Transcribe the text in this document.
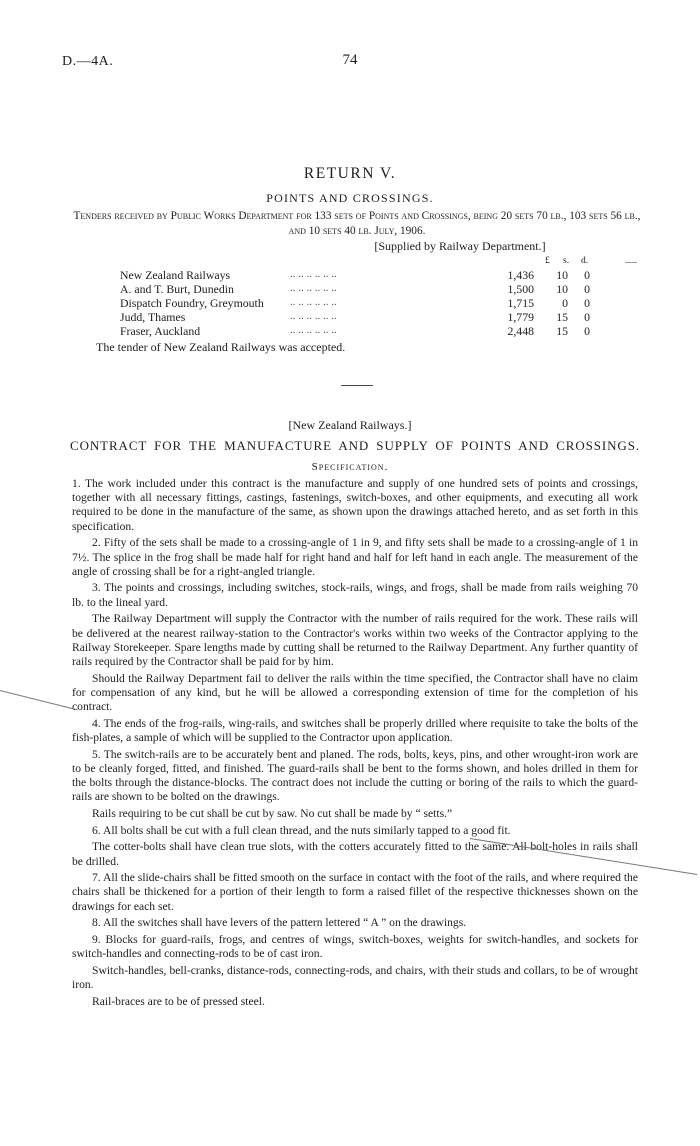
D.—4A.	74
RETURN V.
POINTS AND CROSSINGS.
Tenders received by Public Works Department for 133 sets of Points and Crossings, being 20 sets 70 lb., 103 sets 56 lb., and 10 sets 40 lb. July, 1906.
[Supplied by Railway Department.]
£ s. d.
New Zealand Railways	.. .. .. .. .. ..	1,436	10	0
A. and T. Burt, Dunedin	.. .. .. .. .. ..	1,500	10	0
Dispatch Foundry, Greymouth .. .. .. .. .. ..	1,715	0	0
Judd, Thames	.. .. .. .. .. ..	1,779	15	0
Fraser, Auckland	.. .. .. .. .. ..	2,448	15	0
The tender of New Zealand Railways was accepted.
[New Zealand Railways.]
CONTRACT FOR THE MANUFACTURE AND SUPPLY OF POINTS AND CROSSINGS.
Specification.

1. The work included under this contract is the manufacture and supply of one hundred sets of points and crossings, together with all necessary fittings, castings, fastenings, switch-boxes, and other equipments, and executing all work required to be done in the manufacture of the same, as shown upon the drawings attached hereto, and as set forth in this specification.

2. Fifty of the sets shall be made to a crossing-angle of 1 in 9, and fifty sets shall be made to a crossing-angle of 1 in 7½. The splice in the frog shall be made half for right hand and half for left hand in each angle. The measurement of the angle of crossing shall be for a right-angled triangle.

3. The points and crossings, including switches, stock-rails, wings, and frogs, shall be made from rails weighing 70 lb. to the lineal yard.

The Railway Department will supply the Contractor with the number of rails required for the work. These rails will be delivered at the nearest railway-station to the Contractor's works within two weeks of the Contractor applying to the Railway Storekeeper. Spare lengths made by cutting shall be returned to the Railway Department. Any further quantity of rails required by the Contractor shall be paid for by him.

Should the Railway Department fail to deliver the rails within the time specified, the Contractor shall have no claim for compensation of any kind, but he will be allowed a corresponding extension of time for the completion of his contract.

4. The ends of the frog-rails, wing-rails, and switches shall be properly drilled where requisite to take the bolts of the fish-plates, a sample of which will be supplied to the Contractor upon application.

5. The switch-rails are to be accurately bent and planed. The rods, bolts, keys, pins, and other wrought-iron work are to be cleanly forged, fitted, and finished. The guard-rails shall be bent to the forms shown, and holes drilled in them for the bolts through the distance-blocks. The contract does not include the cutting or boring of the rails to which the guard-rails are shown to be bolted on the drawings.

Rails requiring to be cut shall be cut by saw. No cut shall be made by “ setts.”

6. All bolts shall be cut with a full clean thread, and the nuts similarly tapped to a good fit.

The cotter-bolts shall have clean true slots, with the cotters accurately fitted to the same. All bolt-holes in rails shall be drilled.

7. All the slide-chairs shall be fitted smooth on the surface in contact with the foot of the rails, and where required the chairs shall be thickened for a portion of their length to form a raised fillet of the respective thicknesses shown on the drawings for each set.

8. All the switches shall have levers of the pattern lettered “ A ” on the drawings.

9. Blocks for guard-rails, frogs, and centres of wings, switch-boxes, weights for switch-handles, and sockets for switch-handles and connecting-rods to be of cast iron.

Switch-handles, bell-cranks, distance-rods, connecting-rods, and chairs, with their studs and collars, to be of wrought iron.

Rail-braces are to be of pressed steel.
